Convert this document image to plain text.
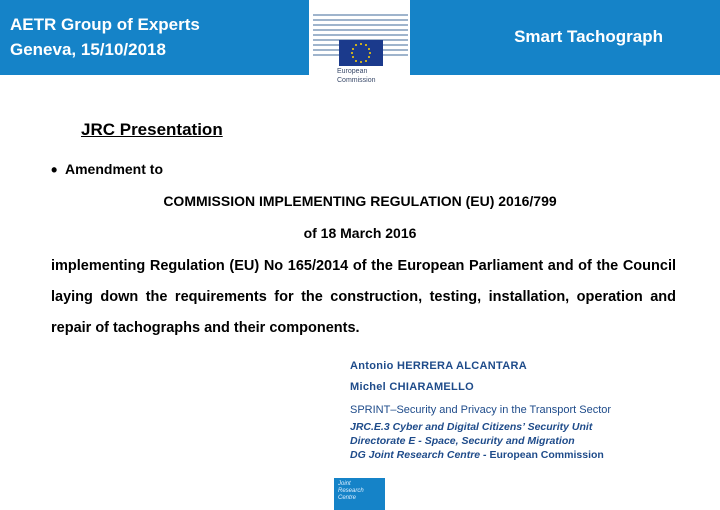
AETR Group of Experts
Geneva, 15/10/2018
Smart Tachograph
European
Commission
JRC Presentation
• Amendment to
COMMISSION IMPLEMENTING REGULATION (EU) 2016/799
of 18 March 2016
implementing Regulation (EU) No 165/2014 of the European Parliament and of the Council laying down the requirements for the construction, testing, installation, operation and repair of tachographs and their components.
Antonio HERRERA ALCANTARA
Michel CHIARAMELLO
SPRINT–Security and Privacy in the Transport Sector
JRC.E.3 Cyber and Digital Citizens’ Security Unit
Directorate E - Space, Security and Migration
DG Joint Research Centre - European Commission
Joint
Research
Centre
